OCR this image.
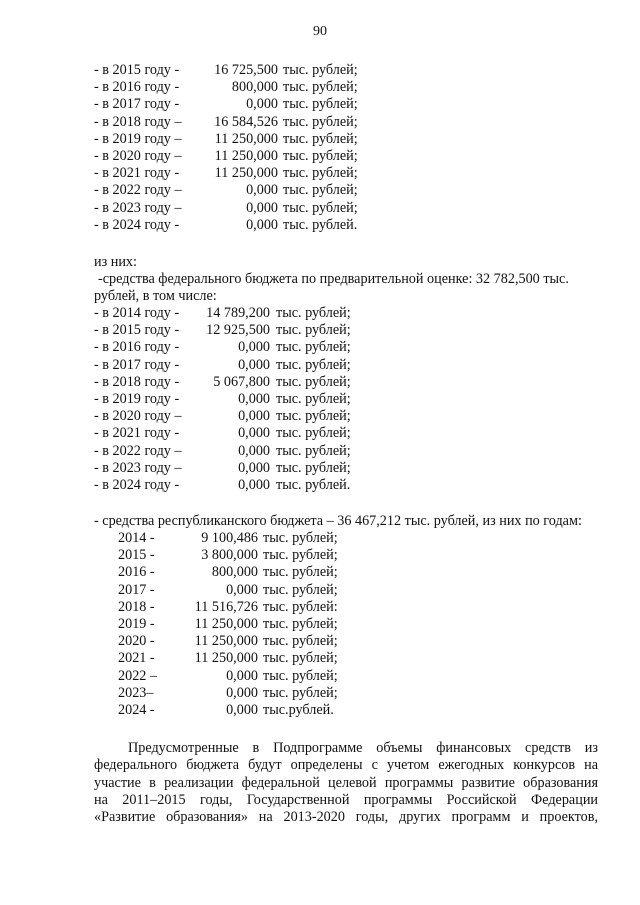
90
- в 2015 году -	16 725,500 тыс. рублей;
- в 2016 году -	800,000 тыс. рублей;
- в 2017 году -	0,000 тыс. рублей;
- в 2018 году –	16 584,526 тыс. рублей;
- в 2019 году –	11 250,000 тыс. рублей;
- в 2020 году –	11 250,000 тыс. рублей;
- в 2021 году -	11 250,000 тыс. рублей;
- в 2022 году –	0,000 тыс. рублей;
- в 2023 году –	0,000 тыс. рублей;
- в 2024 году -	0,000 тыс. рублей.
из них:
-средства федерального бюджета по предварительной оценке: 32 782,500 тыс.
рублей, в том числе:
- в 2014 году -	14 789,200 тыс. рублей;
- в 2015 году -	12 925,500 тыс. рублей;
- в 2016 году -	0,000 тыс. рублей;
- в 2017 году -	0,000 тыс. рублей;
- в 2018 году -	5 067,800 тыс. рублей;
- в 2019 году -	0,000 тыс. рублей;
- в 2020 году –	0,000 тыс. рублей;
- в 2021 году -	0,000 тыс. рублей;
- в 2022 году –	0,000 тыс. рублей;
- в 2023 году –	0,000 тыс. рублей;
- в 2024 году -	0,000 тыс. рублей.
- средства республиканского бюджета – 36 467,212 тыс. рублей, из них по годам:
2014 -	9 100,486 тыс. рублей;
2015 -	3 800,000 тыс. рублей;
2016 -	800,000 тыс. рублей;
2017 -	0,000 тыс. рублей;
2018 -	11 516,726 тыс. рублей:
2019 -	11 250,000 тыс. рублей;
2020 -	11 250,000 тыс. рублей;
2021 -	11 250,000 тыс. рублей;
2022 –	0,000 тыс. рублей;
2023–	0,000 тыс. рублей;
2024 -	0,000 тыс.рублей.
Предусмотренные в Подпрограмме объемы финансовых средств из
федерального бюджета будут определены с учетом ежегодных конкурсов на
участие в реализации федеральной целевой программы развитие образования
на 2011–2015 годы, Государственной программы Российской Федерации
«Развитие образования» на 2013-2020 годы, других программ и проектов,
